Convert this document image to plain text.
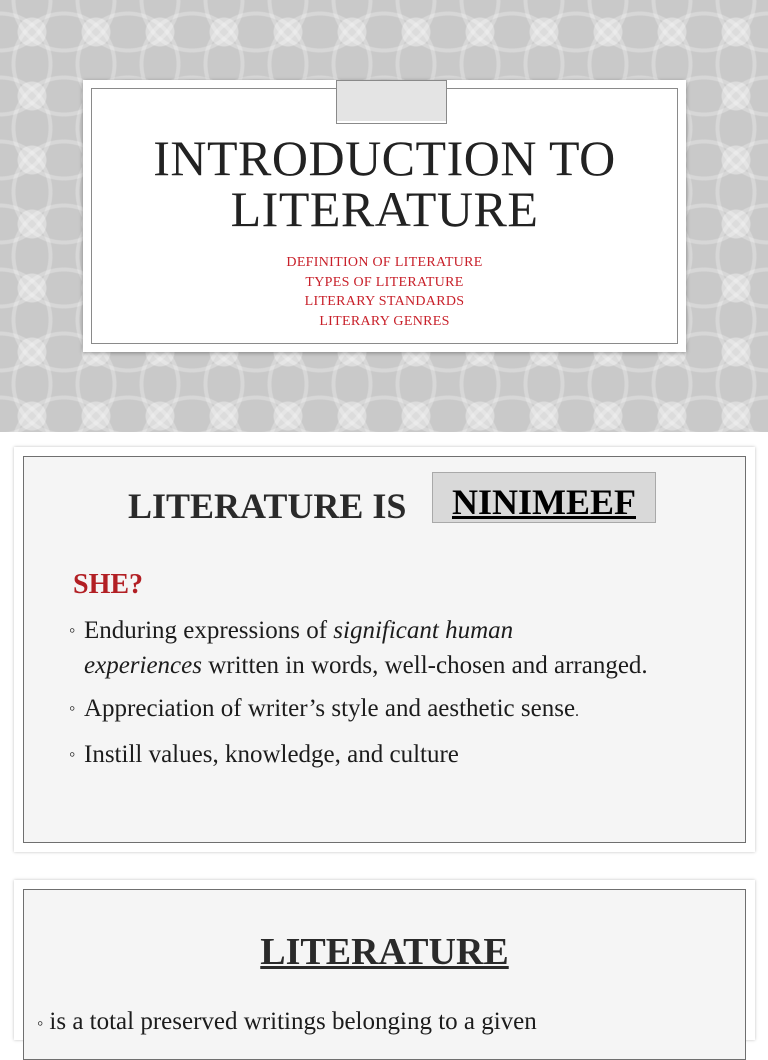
INTRODUCTION TO
LITERATURE
DEFINITION OF LITERATURE
TYPES OF LITERATURE
LITERARY STANDARDS
LITERARY GENRES
LITERATURE IS	NINIMEEF
SHE?
◦ Enduring expressions of significant human
experiences written in words, well-chosen and arranged.
◦ Appreciation of writer’s style and aesthetic sense.
◦ Instill values, knowledge, and culture
LITERATURE
◦ is a total preserved writings belonging to a given
